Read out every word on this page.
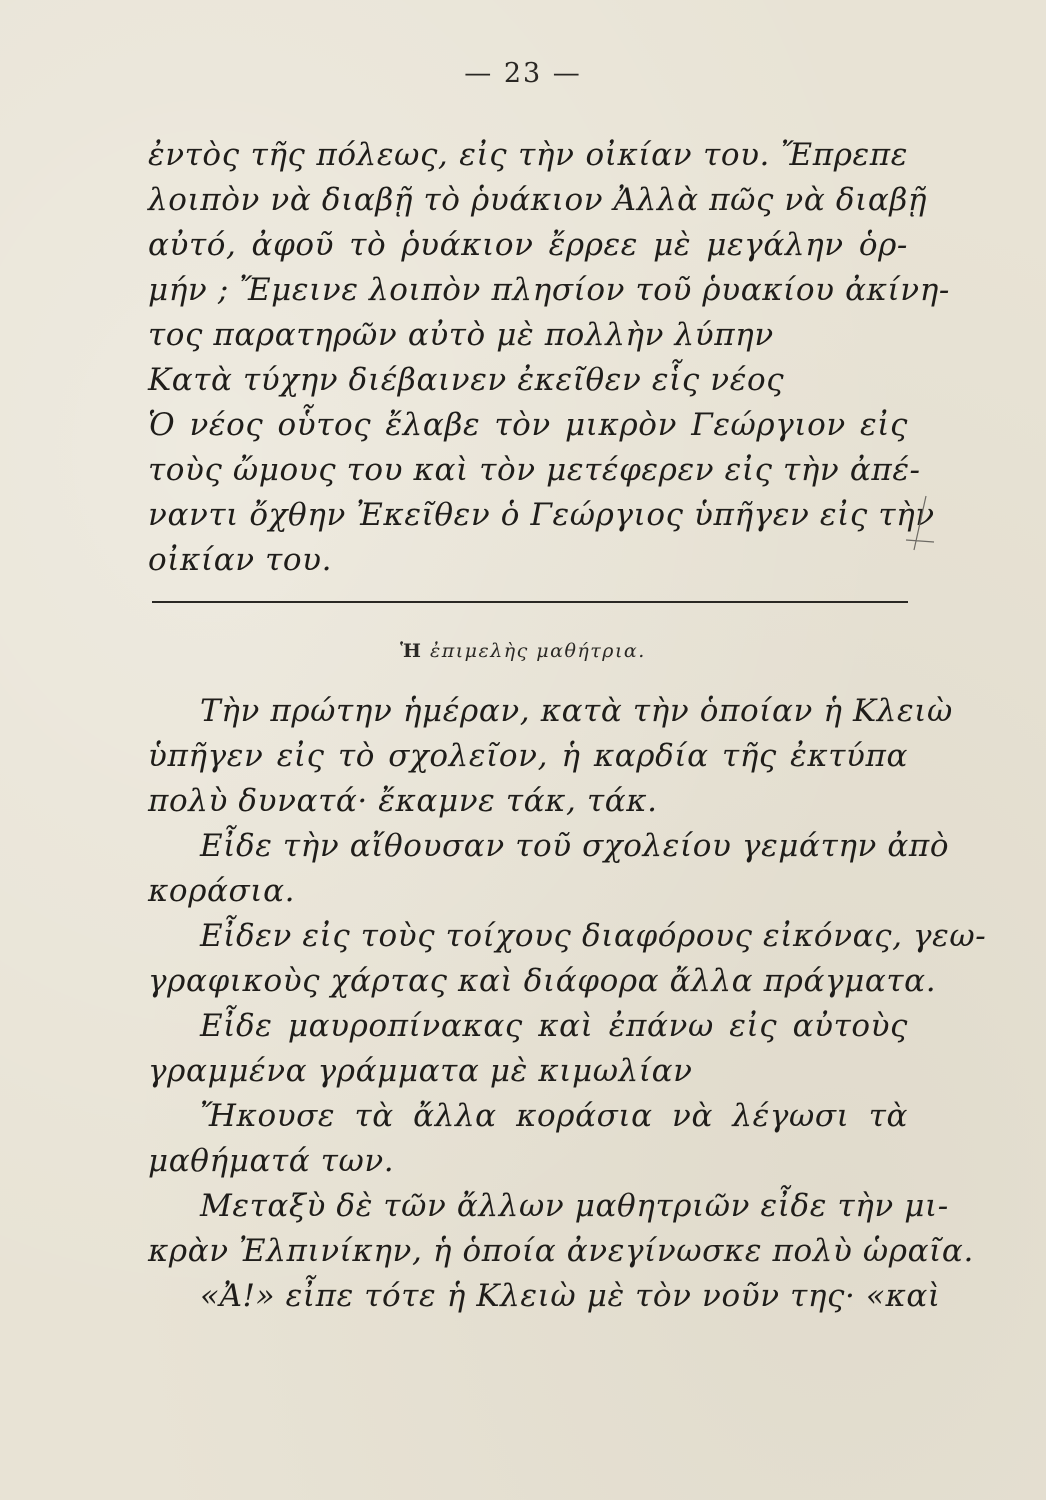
— 23 —
ἐντὸς τῆς πόλεως, εἰς τὴν οἰκίαν του. Ἔπρεπε
λοιπὸν νὰ διαβῇ τὸ ῥυάκιον Ἀλλὰ πῶς νὰ διαβῇ
αὐτό, ἀφοῦ τὸ ῥυάκιον ἔρρεε μὲ μεγάλην ὁρ-
μήν ; Ἔμεινε λοιπὸν πλησίον τοῦ ῥυακίου ἀκίνη-
τος παρατηρῶν αὐτὸ μὲ πολλὴν λύπην
Κατὰ τύχην διέβαινεν ἐκεῖθεν εἷς νέος
Ὁ νέος οὗτος ἔλαβε τὸν μικρὸν Γεώργιον εἰς
τοὺς ὤμους του καὶ τὸν μετέφερεν εἰς τὴν ἀπέ-
ναντι ὄχθην Ἐκεῖθεν ὁ Γεώργιος ὑπῆγεν εἰς τὴν
οἰκίαν του.
Ἡ ἐπιμελὴς μαθήτρια.
Τὴν πρώτην ἡμέραν, κατὰ τὴν ὁποίαν ἡ Κλειὼ
ὑπῆγεν εἰς τὸ σχολεῖον, ἡ καρδία τῆς ἐκτύπα
πολὺ δυνατά· ἔκαμνε τάκ, τάκ.
Εἶδε τὴν αἴθουσαν τοῦ σχολείου γεμάτην ἀπὸ
κοράσια.
Εἶδεν εἰς τοὺς τοίχους διαφόρους εἰκόνας, γεω-
γραφικοὺς χάρτας καὶ διάφορα ἄλλα πράγματα.
Εἶδε μαυροπίνακας καὶ ἐπάνω εἰς αὐτοὺς
γραμμένα γράμματα μὲ κιμωλίαν
Ἤκουσε τὰ ἄλλα κοράσια νὰ λέγωσι τὰ
μαθήματά των.
Μεταξὺ δὲ τῶν ἄλλων μαθητριῶν εἶδε τὴν μι-
κρὰν Ἐλπινίκην, ἡ ὁποία ἀνεγίνωσκε πολὺ ὡραῖα.
«Ἀ!» εἶπε τότε ἡ Κλειὼ μὲ τὸν νοῦν της· «καὶ
